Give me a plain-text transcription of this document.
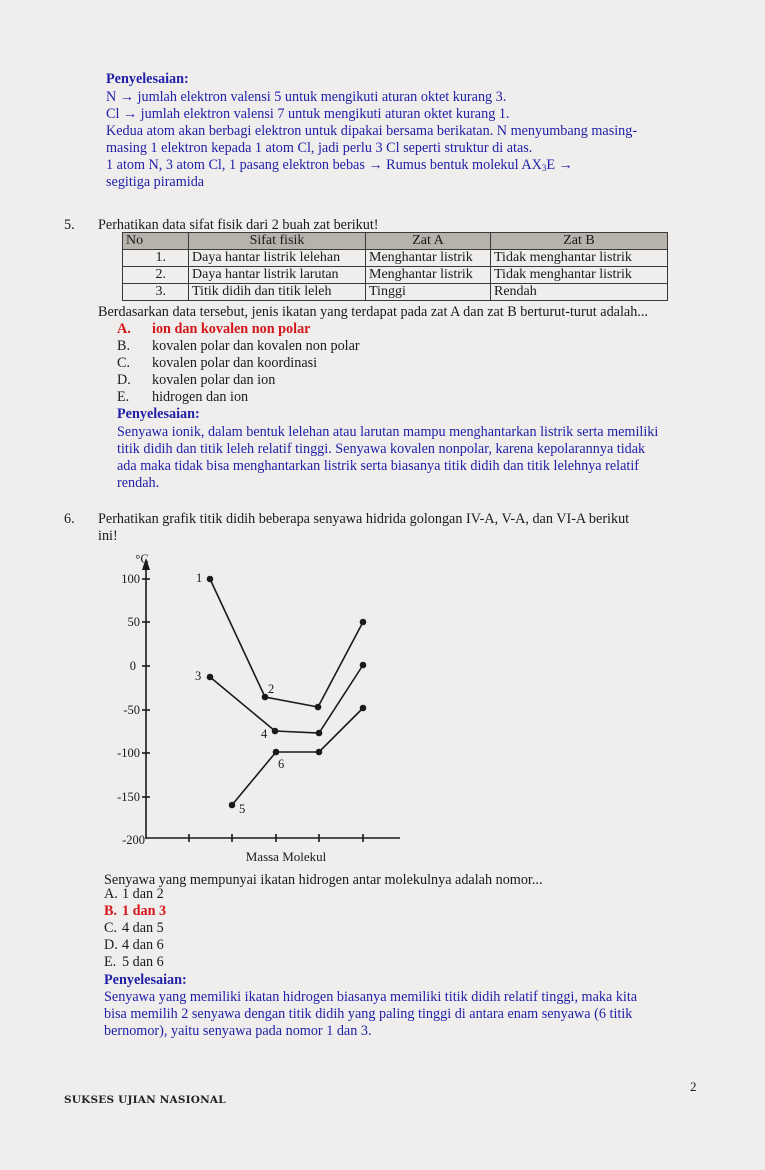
Penyelesaian:
N → jumlah elektron valensi 5 untuk mengikuti aturan oktet kurang 3.
Cl → jumlah elektron valensi 7 untuk mengikuti aturan oktet kurang 1.
Kedua atom akan berbagi elektron untuk dipakai bersama berikatan. N menyumbang masing-
masing 1 elektron kepada 1 atom Cl, jadi perlu 3 Cl seperti struktur di atas.
1 atom N, 3 atom Cl, 1 pasang elektron bebas → Rumus bentuk molekul $AX_3E$ →
segitiga piramida
5. Perhatikan data sifat fisik dari 2 buah zat berikut!
No	Sifat fisik	Zat A	Zat B
1.	Daya hantar listrik lelehan	Menghantar listrik	Tidak menghantar listrik
2.	Daya hantar listrik larutan	Menghantar listrik	Tidak menghantar listrik
3.	Titik didih dan titik leleh	Tinggi	Rendah
Berdasarkan data tersebut, jenis ikatan yang terdapat pada zat A dan zat B berturut-turut adalah...
A. ion dan kovalen non polar
B. kovalen polar dan kovalen non polar
C. kovalen polar dan koordinasi
D. kovalen polar dan ion
E. hidrogen dan ion
Penyelesaian:
Senyawa ionik, dalam bentuk lelehan atau larutan mampu menghantarkan listrik serta memiliki
titik didih dan titik leleh relatif tinggi. Senyawa kovalen nonpolar, karena kepolarannya tidak
ada maka tidak bisa menghantarkan listrik serta biasanya titik didih dan titik lelehnya relatif
rendah.
6. Perhatikan grafik titik didih beberapa senyawa hidrida golongan IV-A, V-A, dan VI-A berikut
ini!
°C
100
50
0
-50
-100
-150
-200
Massa Molekul
1
2
3
4
5
6
Senyawa yang mempunyai ikatan hidrogen antar molekulnya adalah nomor...
A. 1 dan 2
B. 1 dan 3
C. 4 dan 5
D. 4 dan 6
E. 5 dan 6
Penyelesaian:
Senyawa yang memiliki ikatan hidrogen biasanya memiliki titik didih relatif tinggi, maka kita
bisa memilih 2 senyawa dengan titik didih yang paling tinggi di antara enam senyawa (6 titik
bernomor), yaitu senyawa pada nomor 1 dan 3.
2
SUKSES UJIAN NASIONAL
